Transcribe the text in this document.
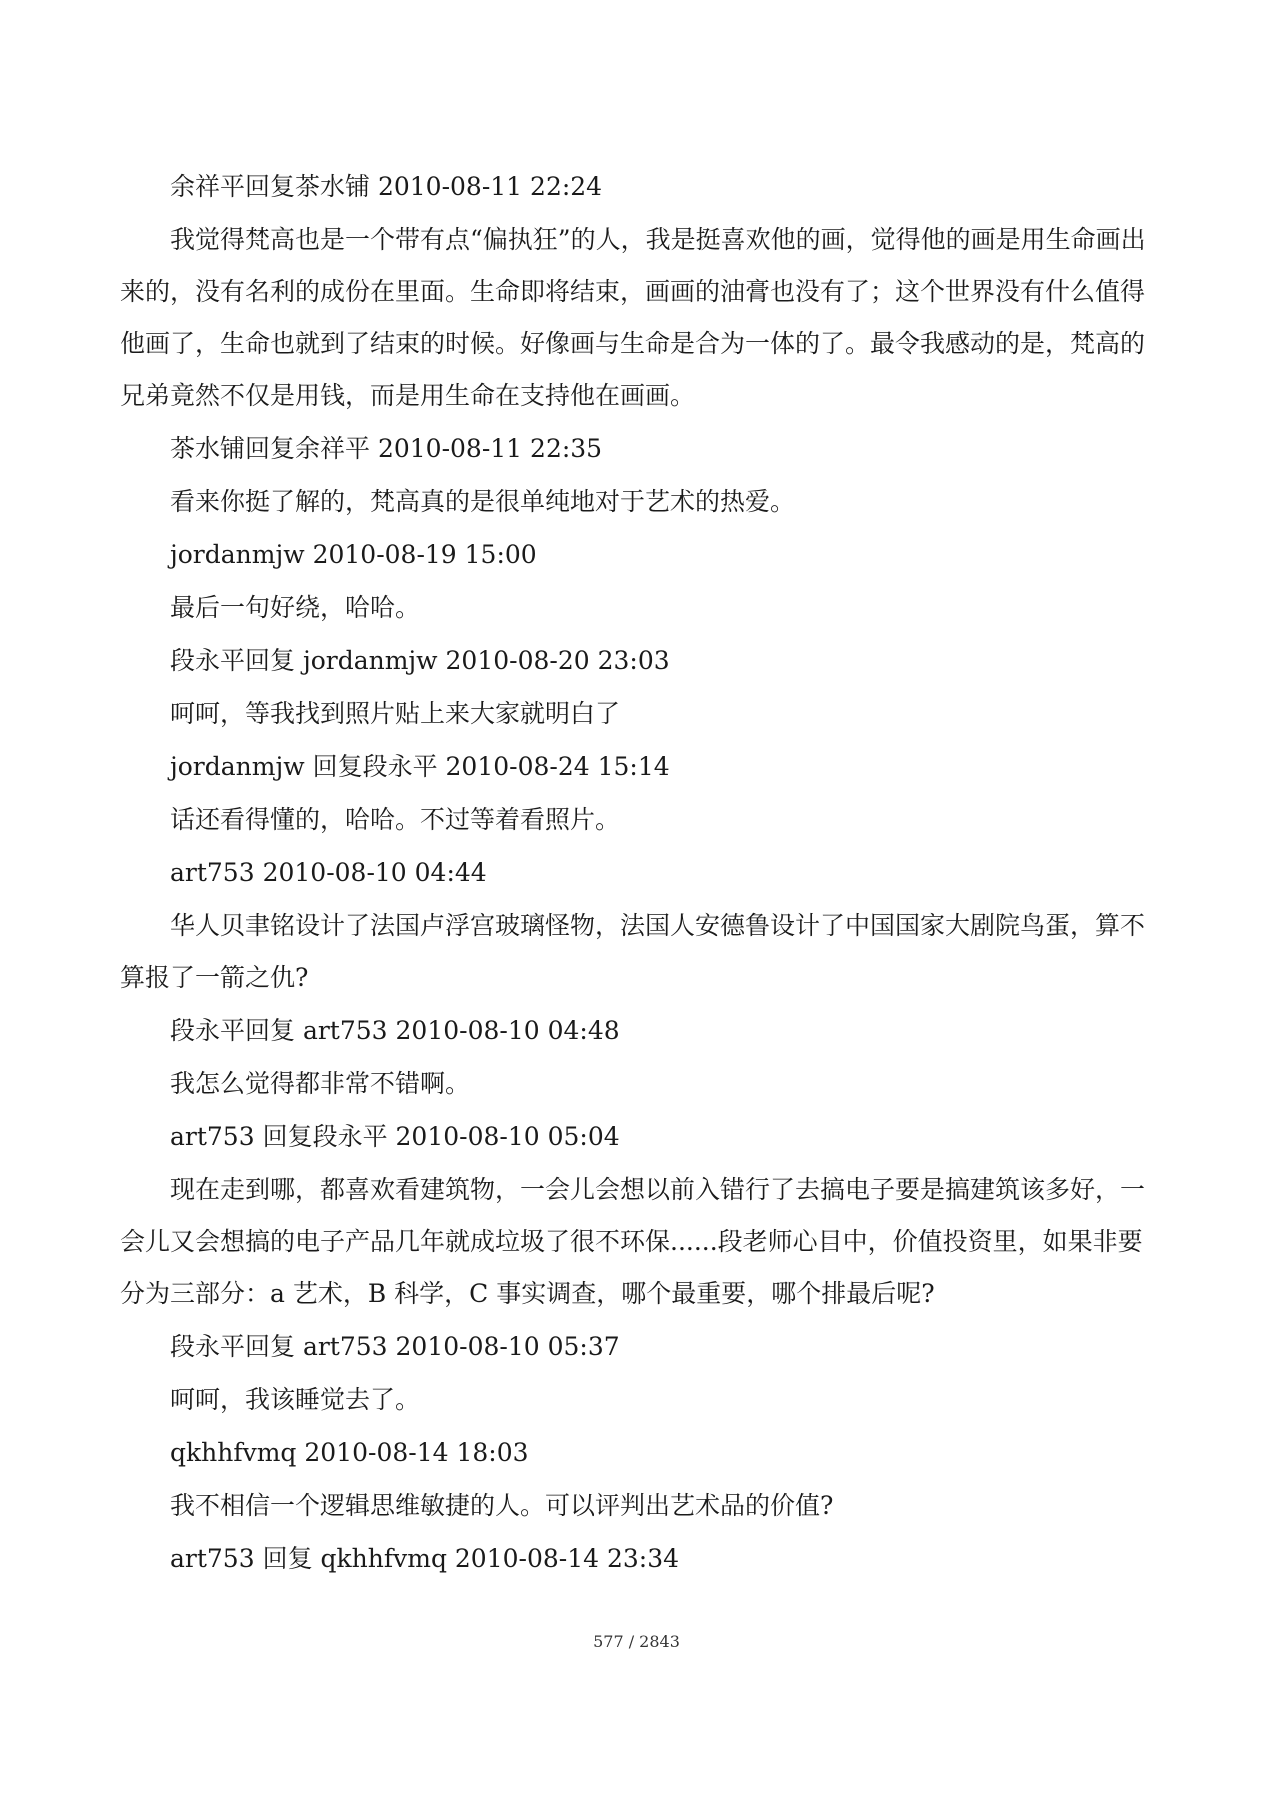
余祥平回复茶水铺 2010-08-11 22:24

我觉得梵高也是一个带有点“偏执狂”的人，我是挺喜欢他的画，觉得他的画是用生命画出来的，没有名利的成份在里面。生命即将结束，画画的油膏也没有了；这个世界没有什么值得他画了，生命也就到了结束的时候。好像画与生命是合为一体的了。最令我感动的是，梵高的兄弟竟然不仅是用钱，而是用生命在支持他在画画。

茶水铺回复余祥平 2010-08-11 22:35

看来你挺了解的，梵高真的是很单纯地对于艺术的热爱。

jordanmjw 2010-08-19 15:00

最后一句好绕，哈哈。

段永平回复 jordanmjw 2010-08-20 23:03

呵呵，等我找到照片贴上来大家就明白了

jordanmjw 回复段永平 2010-08-24 15:14

话还看得懂的，哈哈。不过等着看照片。

art753 2010-08-10 04:44

华人贝聿铭设计了法国卢浮宫玻璃怪物，法国人安德鲁设计了中国国家大剧院鸟蛋，算不算报了一箭之仇?

段永平回复 art753 2010-08-10 04:48

我怎么觉得都非常不错啊。

art753 回复段永平 2010-08-10 05:04

现在走到哪，都喜欢看建筑物，一会儿会想以前入错行了去搞电子要是搞建筑该多好，一会儿又会想搞的电子产品几年就成垃圾了很不环保......段老师心目中，价值投资里，如果非要分为三部分：a 艺术，B 科学，C 事实调查，哪个最重要，哪个排最后呢?

段永平回复 art753 2010-08-10 05:37

呵呵，我该睡觉去了。

qkhhfvmq 2010-08-14 18:03

我不相信一个逻辑思维敏捷的人。可以评判出艺术品的价值?

art753 回复 qkhhfvmq 2010-08-14 23:34

577 / 2843
